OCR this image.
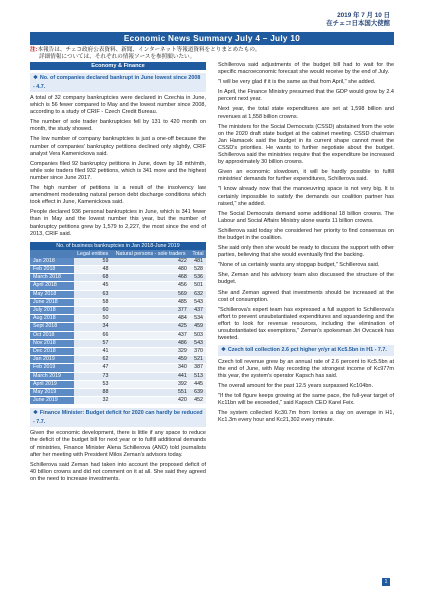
2019 年 7 月 10 日
在チェコ日本国大使館
Economic News Summary July 4 – July 10
注:本報告は、チェコ政府公表資料、新聞、インターネット等報道資料をとりまとめたもの。
詳細情報については、それぞれの情報ソースを参照願いたい。
Economy & Finance
❖ No. of companies declared bankrupt in June lowest since 2008 - 4.7.

A total of 32 company bankruptcies were declared in Czechia in June, which is 56 fewer compared to May and the lowest number since 2008, according to a study of CRIF - Czech Credit Bureau.

The number of sole trader bankruptcies fell by 131 to 420 month on month, the study showed.

The low number of company bankruptcies is just a one-off because the number of companies' bankruptcy petitions declined only slightly, CRIF analyst Vera Kamenickova said.

Companies filed 92 bankruptcy petitions in June, down by 18 mth/mth, while sole traders filed 932 petitions, which is 341 more and the highest number since June 2017.

The high number of petitions is a result of the insolvency law amendment moderating natural person debt discharge conditions which took effect in June, Kamenickova said.

People declared 936 personal bankruptcies in June, which is 341 fewer than in May and the lowest number this year, but the number of bankruptcy petitions grew by 1,579 to 2,227, the most since the end of 2013, CRIF said.

No. of business bankruptcies in Jan 2018-June 2019
	Legal entities	Natural persons - sole traders	Total
Jan 2018	59	422	481
Feb 2018	48	480	528
March 2018	68	468	536
April 2018	45	456	501
May 2018	63	569	632
June 2018	58	485	543
July 2018	60	377	437
Aug 2018	50	484	534
Sept 2018	34	425	459
Oct 2018	66	437	503
Nov 2018	57	486	543
Dec 2018	41	329	370
Jan 2019	62	459	521
Feb 2019	47	340	387
March 2019	73	441	513
April 2019	53	392	445
May 2019	88	551	639
June 2019	32	420	452
❖ Finance Minister: Budget deficit for 2020 can hardly be reduced - 7.7.

Given the economic development, there is little if any space to reduce the deficit of the budget bill for next year or to fulfill additional demands of ministries, Finance Minister Alena Schillerova (ANO) told journalists after her meeting with President Milos Zeman's advisors today.

Schillerova said Zeman had taken into account the proposed deficit of 40 billion crowns and did not comment on it at all. She said they agreed on the need to increase investments.

Schillerova said adjustments of the budget bill had to wait for the specific macroeconomic forecast she would receive by the end of July.

"I will be very glad if it is the same as that from April," she added.

In April, the Finance Ministry presumed that the GDP would grow by 2.4 percent next year.

Next year, the total state expenditures are set at 1,598 billion and revenues at 1,558 billion crowns.

The ministers for the Social Democrats (CSSD) abstained from the vote on the 2020 draft state budget at the cabinet meeting. CSSD chairman Jan Hamacek said the budget in its current shape cannot meet the CSSD's priorities. He wants to further negotiate about the budget. Schillerova said the ministries require that the expenditure be increased by approximately 30 billion crowns.

Given an economic slowdown, it will be hardly possible to fulfill ministries' demands for further expenditures, Schillerova said.

"I know already now that the manoeuvring space is not very big. It is certainly impossible to satisfy the demands our coalition partner has raised," she added.

The Social Democrats demand some additional 18 billion crowns. The Labour and Social Affairs Ministry alone wants 11 billion crowns.

Schillerova said today she considered her priority to find consensus on the budget in the coalition.

She said only then she would be ready to discuss the support with other parties, believing that she would eventually find the backing.

"None of us certainly wants any stopgap budget," Schillerova said.

She, Zeman and his advisory team also discussed the structure of the budget.

She and Zeman agreed that investments should be increased at the cost of consumption.

"Schillerova's expert team has expressed a full support to Schillerova's effort to prevent unsubstantiated expenditures and squandering and the effort to look for revenue resources, including the elimination of unsubstantiated tax exemptions," Zeman's spokesman Jiri Ovcacek has tweeted.

❖ Czech toll collection 2.6 pct higher yr/yr at Kc5.5bn in H1 - 7.7.

Czech toll revenue grew by an annual rate of 2.6 percent to Kc5.5bn at the end of June, with May recording the strongest income of Kc977m this year, the system's operator Kapsch has said.

The overall amount for the past 12.5 years surpassed Kc104bn.

"If the toll figure keeps growing at the same pace, the full-year target of Kc11bn will be exceeded," said Kapsch CEO Karel Feix.

The system collected Kc30.7m from lorries a day on average in H1, Kc1.3m every hour and Kc21,302 every minute.

1
